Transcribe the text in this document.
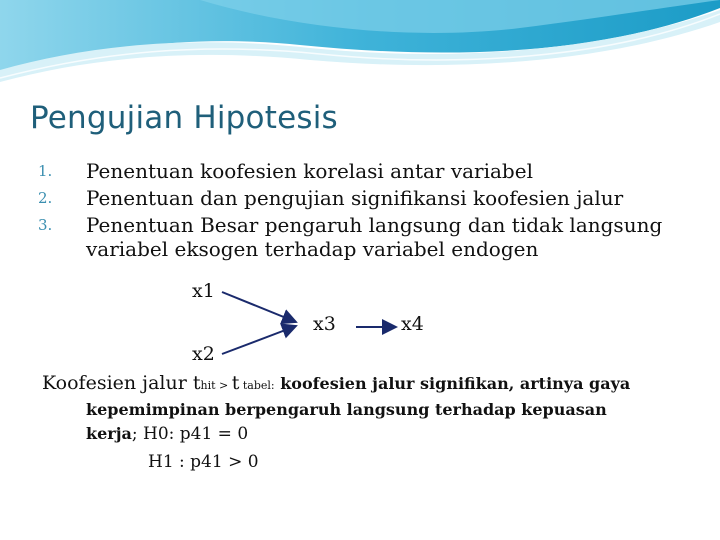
Pengujian Hipotesis
1.	Penentuan koofesien korelasi antar variabel
2.	Penentuan dan pengujian signifikansi koofesien jalur
3.	Penentuan Besar pengaruh langsung dan tidak langsung variabel eksogen terhadap variabel endogen
x1
x3	x4
x2
Koofesien jalur thit > t tabel: koofesien jalur signifikan, artinya gaya
kepemimpinan berpengaruh langsung terhadap kepuasan
kerja; H0: p41 = 0
H1 : p41 > 0
